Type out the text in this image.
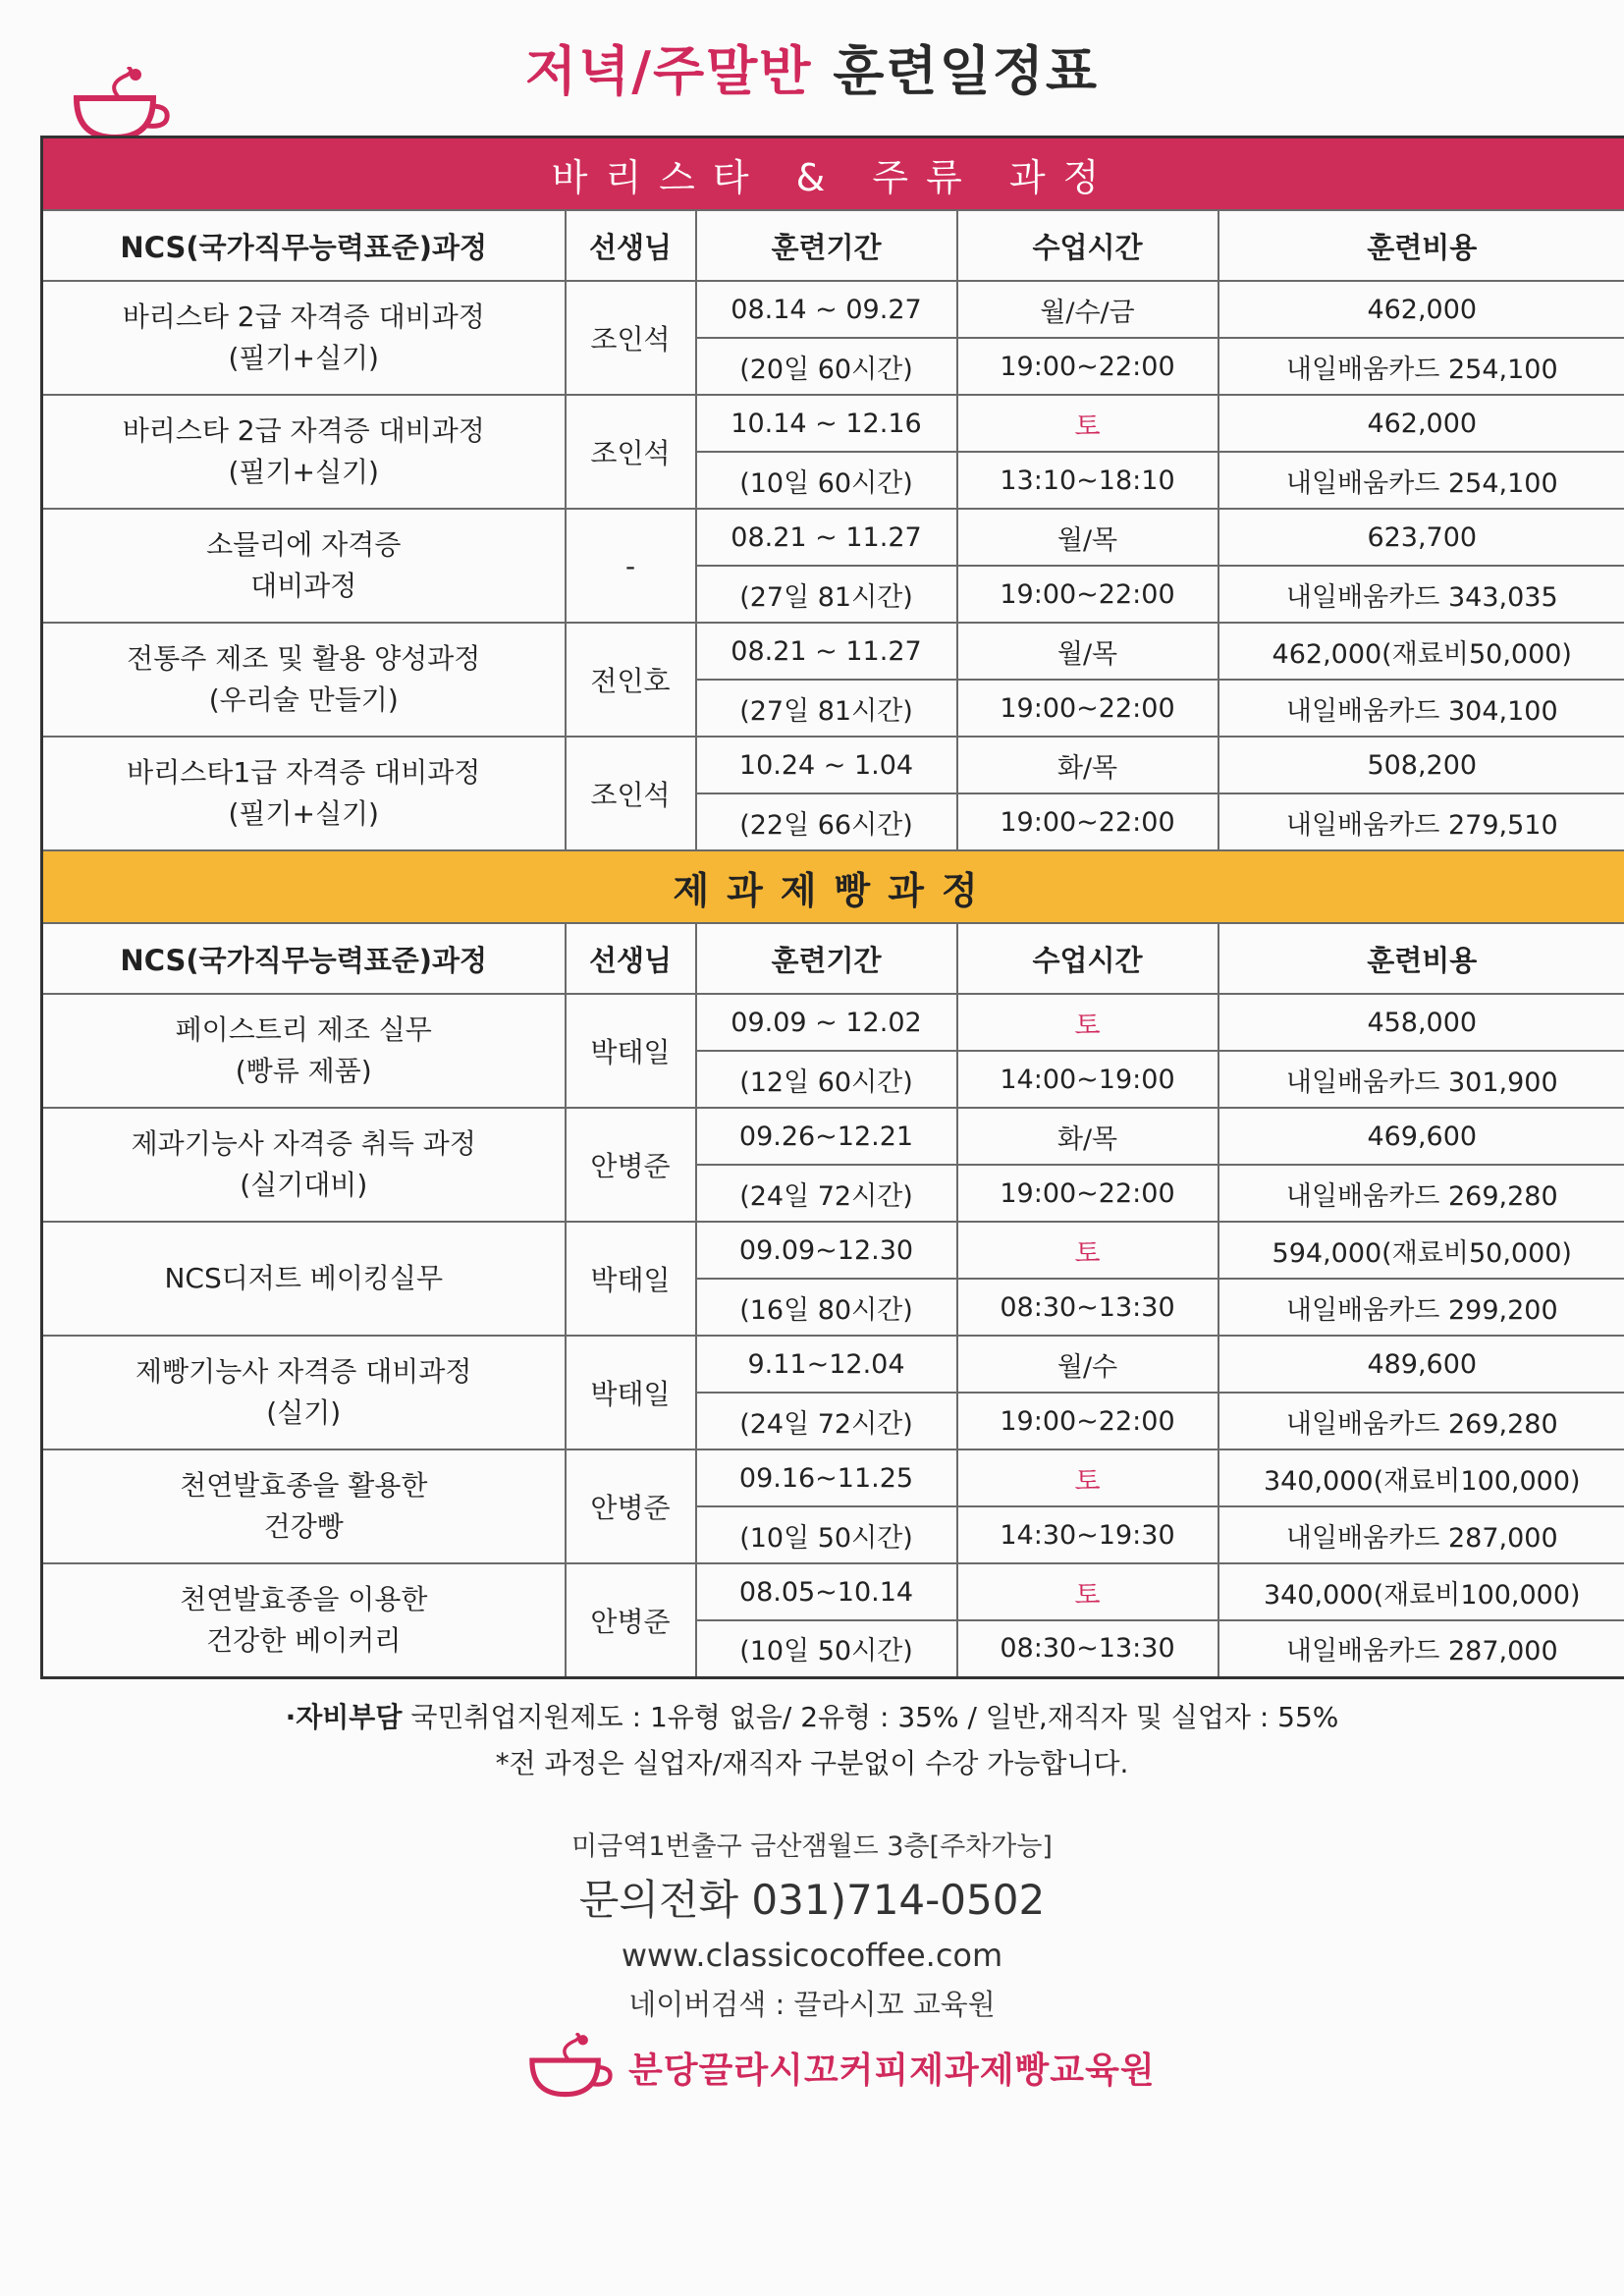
저녁/주말반 훈련일정표
바리스타 & 주류 과정				
NCS(국가직무능력표준)과정	선생님	훈련기간	수업시간	훈련비용
바리스타 2급 자격증 대비과정
(필기+실기)	조인석	08.14 ~ 09.27	월/수/금	462,000
		(20일 60시간)	19:00~22:00	내일배움카드 254,100
바리스타 2급 자격증 대비과정
(필기+실기)	조인석	10.14 ~ 12.16	토	462,000
		(10일 60시간)	13:10~18:10	내일배움카드 254,100
소믈리에 자격증
대비과정	-	08.21 ~ 11.27	월/목	623,700
		(27일 81시간)	19:00~22:00	내일배움카드 343,035
전통주 제조 및 활용 양성과정
(우리술 만들기)	전인호	08.21 ~ 11.27	월/목	462,000(재료비50,000)
		(27일 81시간)	19:00~22:00	내일배움카드 304,100
바리스타1급 자격증 대비과정
(필기+실기)	조인석	10.24 ~ 1.04	화/목	508,200
		(22일 66시간)	19:00~22:00	내일배움카드 279,510
제과제빵과정				
NCS(국가직무능력표준)과정	선생님	훈련기간	수업시간	훈련비용
페이스트리 제조 실무
(빵류 제품)	박태일	09.09 ~ 12.02	토	458,000
		(12일 60시간)	14:00~19:00	내일배움카드 301,900
제과기능사 자격증 취득 과정
(실기대비)	안병준	09.26~12.21	화/목	469,600
		(24일 72시간)	19:00~22:00	내일배움카드 269,280
NCS디저트 베이킹실무	박태일	09.09~12.30	토	594,000(재료비50,000)
		(16일 80시간)	08:30~13:30	내일배움카드 299,200
제빵기능사 자격증 대비과정
(실기)	박태일	9.11~12.04	월/수	489,600
		(24일 72시간)	19:00~22:00	내일배움카드 269,280
천연발효종을 활용한
건강빵	안병준	09.16~11.25	토	340,000(재료비100,000)
		(10일 50시간)	14:30~19:30	내일배움카드 287,000
천연발효종을 이용한
건강한 베이커리	안병준	08.05~10.14	토	340,000(재료비100,000)
		(10일 50시간)	08:30~13:30	내일배움카드 287,000
·자비부담 국민취업지원제도 : 1유형 없음/ 2유형 : 35% / 일반,재직자 및 실업자 : 55%
*전 과정은 실업자/재직자 구분없이 수강 가능합니다.
미금역1번출구 금산잼월드 3층[주차가능]
문의전화 031)714-0502
www.classicocoffee.com
네이버검색 : 끌라시꼬 교육원
분당끌라시꼬커피제과제빵교육원
